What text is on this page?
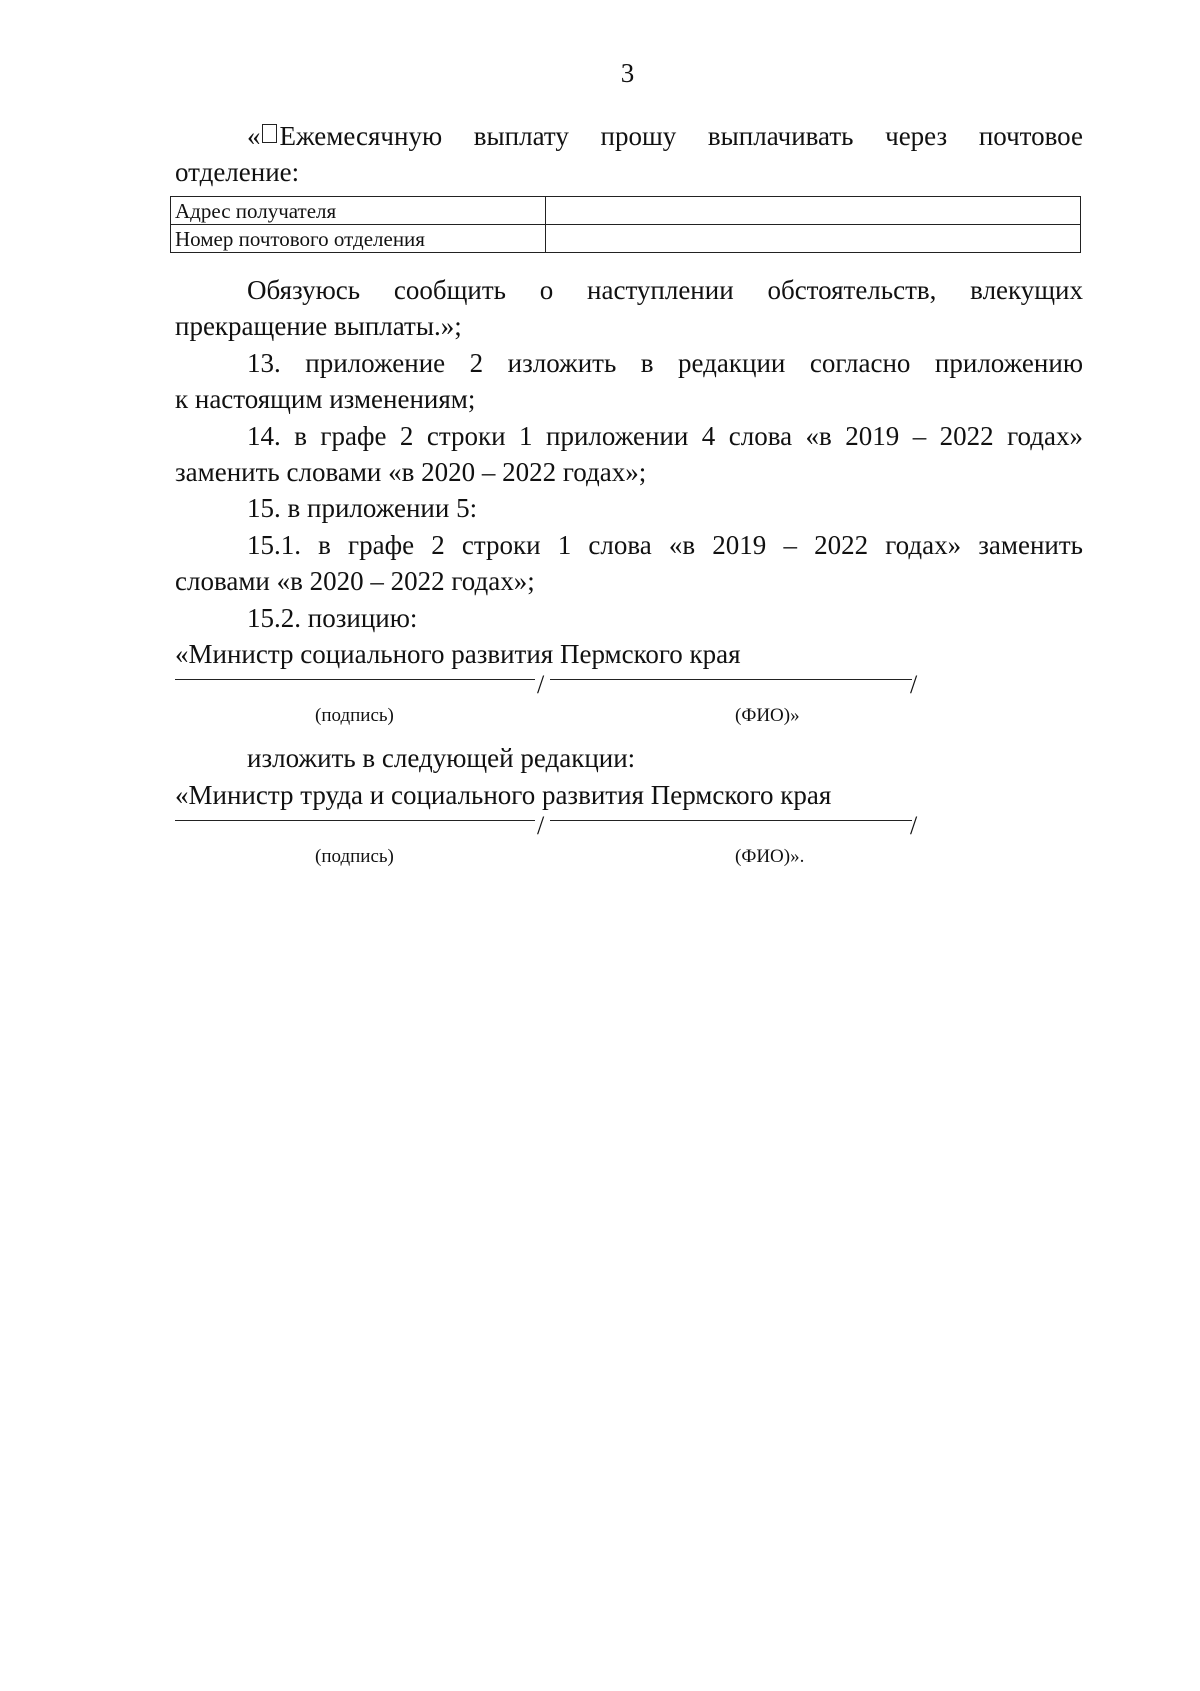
3
« Ежемесячную выплату прошу выплачивать через почтовое
отделение:
Адрес получателя	
Номер почтового отделения	
Обязуюсь сообщить о наступлении обстоятельств, влекущих
прекращение выплаты.»;
13. приложение 2 изложить в редакции согласно приложению
к настоящим изменениям;
14. в графе 2 строки 1 приложении 4 слова «в 2019 – 2022 годах»
заменить словами «в 2020 – 2022 годах»;
15. в приложении 5:
15.1. в графе 2 строки 1 слова «в 2019 – 2022 годах» заменить
словами «в 2020 – 2022 годах»;
15.2. позицию:
«Министр социального развития Пермского края
/	/
(подпись)	(ФИО)»
изложить в следующей редакции:
«Министр труда и социального развития Пермского края
/	/
(подпись)	(ФИО)».
